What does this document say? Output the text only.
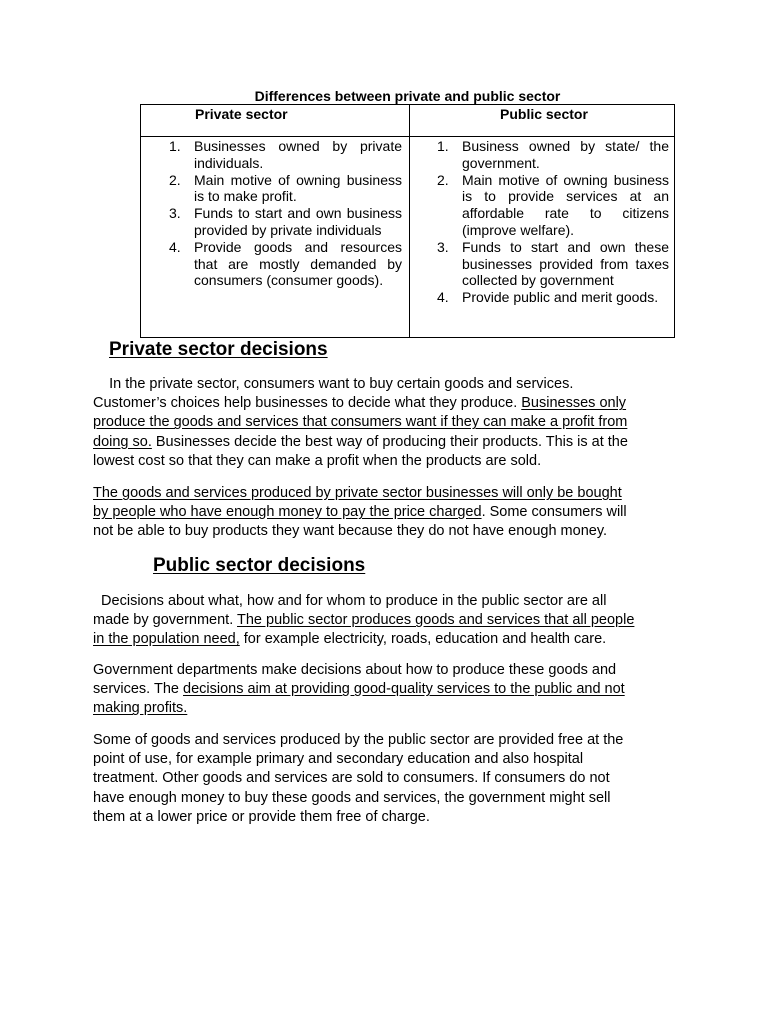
Differences between private and public sector
Private sector	Public sector
1. Businesses owned by private individuals.
2. Main motive of owning business is to make profit.
3. Funds to start and own business provided by private individuals
4. Provide goods and resources that are mostly demanded by consumers (consumer goods).
1. Business owned by state/ the government.
2. Main motive of owning business is to provide services at an affordable rate to citizens (improve welfare).
3. Funds to start and own these businesses provided from taxes collected by government
4. Provide public and merit goods.
Private sector decisions

In the private sector, consumers want to buy certain goods and services.
Customer’s choices help businesses to decide what they produce. Businesses only
produce the goods and services that consumers want if they can make a profit from
doing so. Businesses decide the best way of producing their products. This is at the
lowest cost so that they can make a profit when the products are sold.

The goods and services produced by private sector businesses will only be bought
by people who have enough money to pay the price charged. Some consumers will
not be able to buy products they want because they do not have enough money.

Public sector decisions

Decisions about what, how and for whom to produce in the public sector are all
made by government. The public sector produces goods and services that all people
in the population need, for example electricity, roads, education and health care.

Government departments make decisions about how to produce these goods and
services. The decisions aim at providing good-quality services to the public and not
making profits.

Some of goods and services produced by the public sector are provided free at the
point of use, for example primary and secondary education and also hospital
treatment. Other goods and services are sold to consumers. If consumers do not
have enough money to buy these goods and services, the government might sell
them at a lower price or provide them free of charge.
